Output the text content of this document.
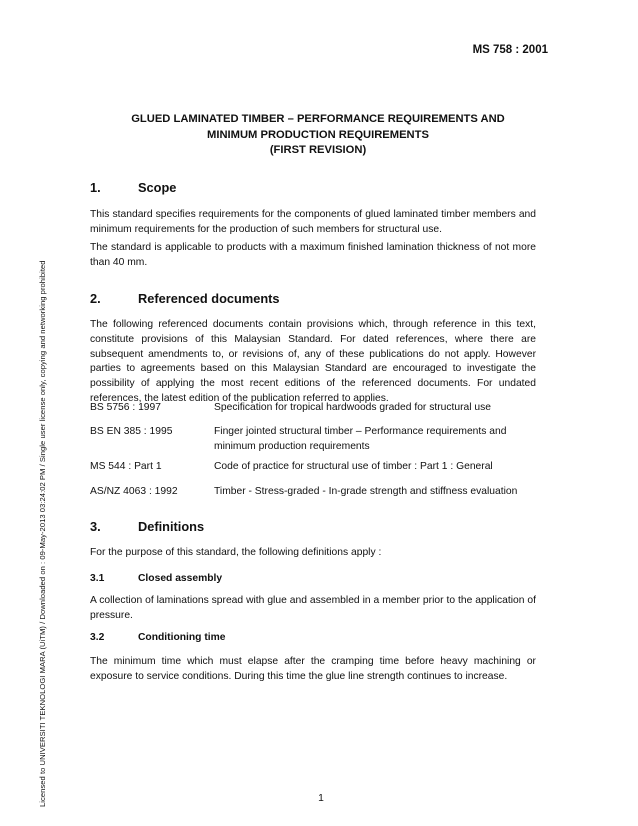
MS 758 : 2001
Licensed to UNIVERSITI TEKNOLOGI MARA (UiTM) / Downloaded on : 09-May-2013 03:24:02 PM / Single user license only, copying and networking prohibited
GLUED LAMINATED TIMBER – PERFORMANCE REQUIREMENTS AND
MINIMUM PRODUCTION REQUIREMENTS
(FIRST REVISION)
1.	Scope
This standard specifies requirements for the components of glued laminated timber members and minimum requirements for the production of such members for structural use.
The standard is applicable to products with a maximum finished lamination thickness of not more than 40 mm.
2.	Referenced documents
The following referenced documents contain provisions which, through reference in this text, constitute provisions of this Malaysian Standard. For dated references, where there are subsequent amendments to, or revisions of, any of these publications do not apply. However parties to agreements based on this Malaysian Standard are encouraged to investigate the possibility of applying the most recent editions of the referenced documents. For undated references, the latest edition of the publication referred to applies.
BS 5756 : 1997	Specification for tropical hardwoods graded for structural use
BS EN 385 : 1995	Finger jointed structural timber – Performance requirements and minimum production requirements
MS 544 : Part 1	Code of practice for structural use of timber : Part 1 : General
AS/NZ 4063 : 1992	Timber - Stress-graded - In-grade strength and stiffness evaluation
3.	Definitions
For the purpose of this standard, the following definitions apply :
3.1	Closed assembly
A collection of laminations spread with glue and assembled in a member prior to the application of pressure.
3.2	Conditioning time
The minimum time which must elapse after the cramping time before heavy machining or exposure to service conditions. During this time the glue line strength continues to increase.
1
